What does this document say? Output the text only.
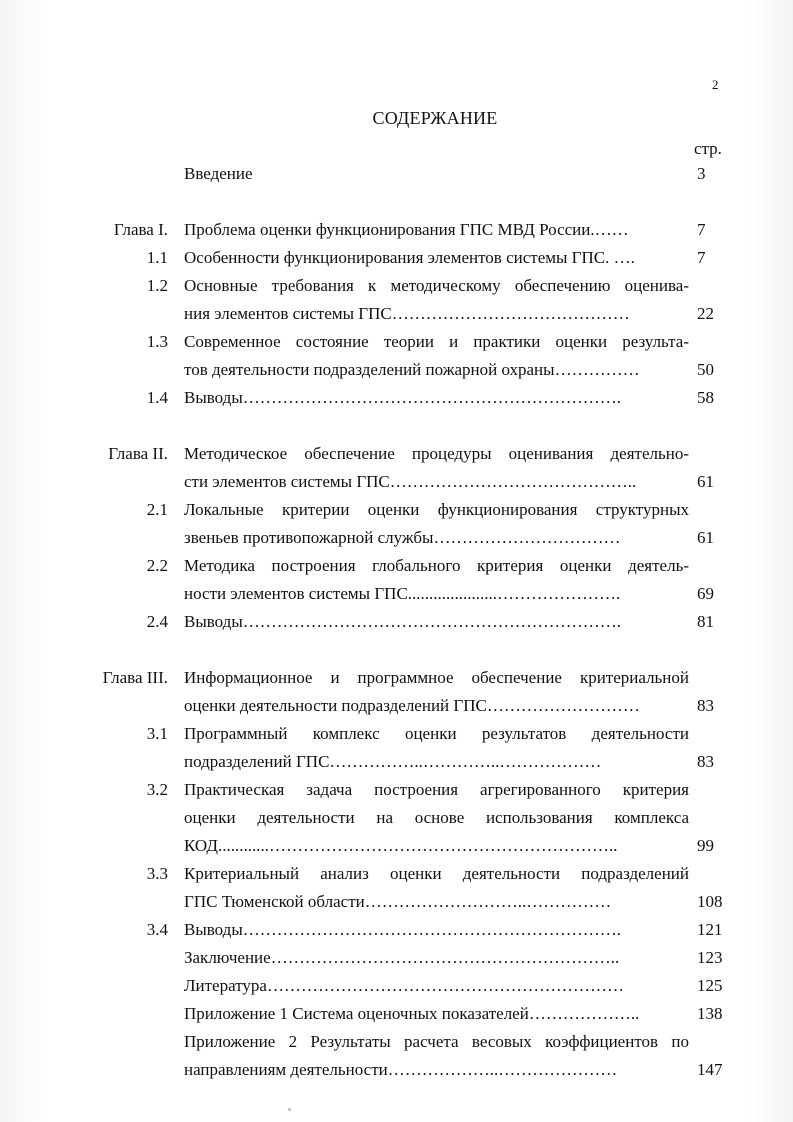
2
СОДЕРЖАНИЕ
стр.
Введение	3
Глава I. Проблема оценки функционирования ГПС МВД России.……	7
1.1 Особенности функционирования элементов системы ГПС. ….	7
1.2 Основные требования к методическому обеспечению оценива-
ния элементов системы ГПС……………………………………	22
1.3 Современное состояние теории и практики оценки результа-
тов деятельности подразделений пожарной охраны……………	50
1.4 Выводы………………………………………………………….	58
Глава II. Методическое обеспечение процедуры оценивания деятельно-
сти элементов системы ГПС……………………………………..	61
2.1 Локальные критерии оценки функционирования структурных
звеньев противопожарной службы……………………………	61
2.2 Методика построения глобального критерия оценки деятель-
ности элементов системы ГПС.....................………………….	69
2.4 Выводы………………………………………………………….	81
Глава III. Информационное и программное обеспечение критериальной
оценки деятельности подразделений ГПС………………………	83
3.1 Программный комплекс оценки результатов деятельности
подразделений ГПС……………..…………..………………	83
3.2 Практическая задача построения агрегированного критерия
оценки деятельности на основе использования комплекса
КОД............……………………………………………………..	99
3.3 Критериальный анализ оценки деятельности подразделений
ГПС Тюменской области………………………..……………	108
3.4 Выводы………………………………………………………….	121
Заключение……………………………………………………..	123
Литература………………………………………………………	125
Приложение 1 Система оценочных показателей………………..	138
Приложение 2 Результаты расчета весовых коэффициентов по
направлениям деятельности………………..…………………	147
